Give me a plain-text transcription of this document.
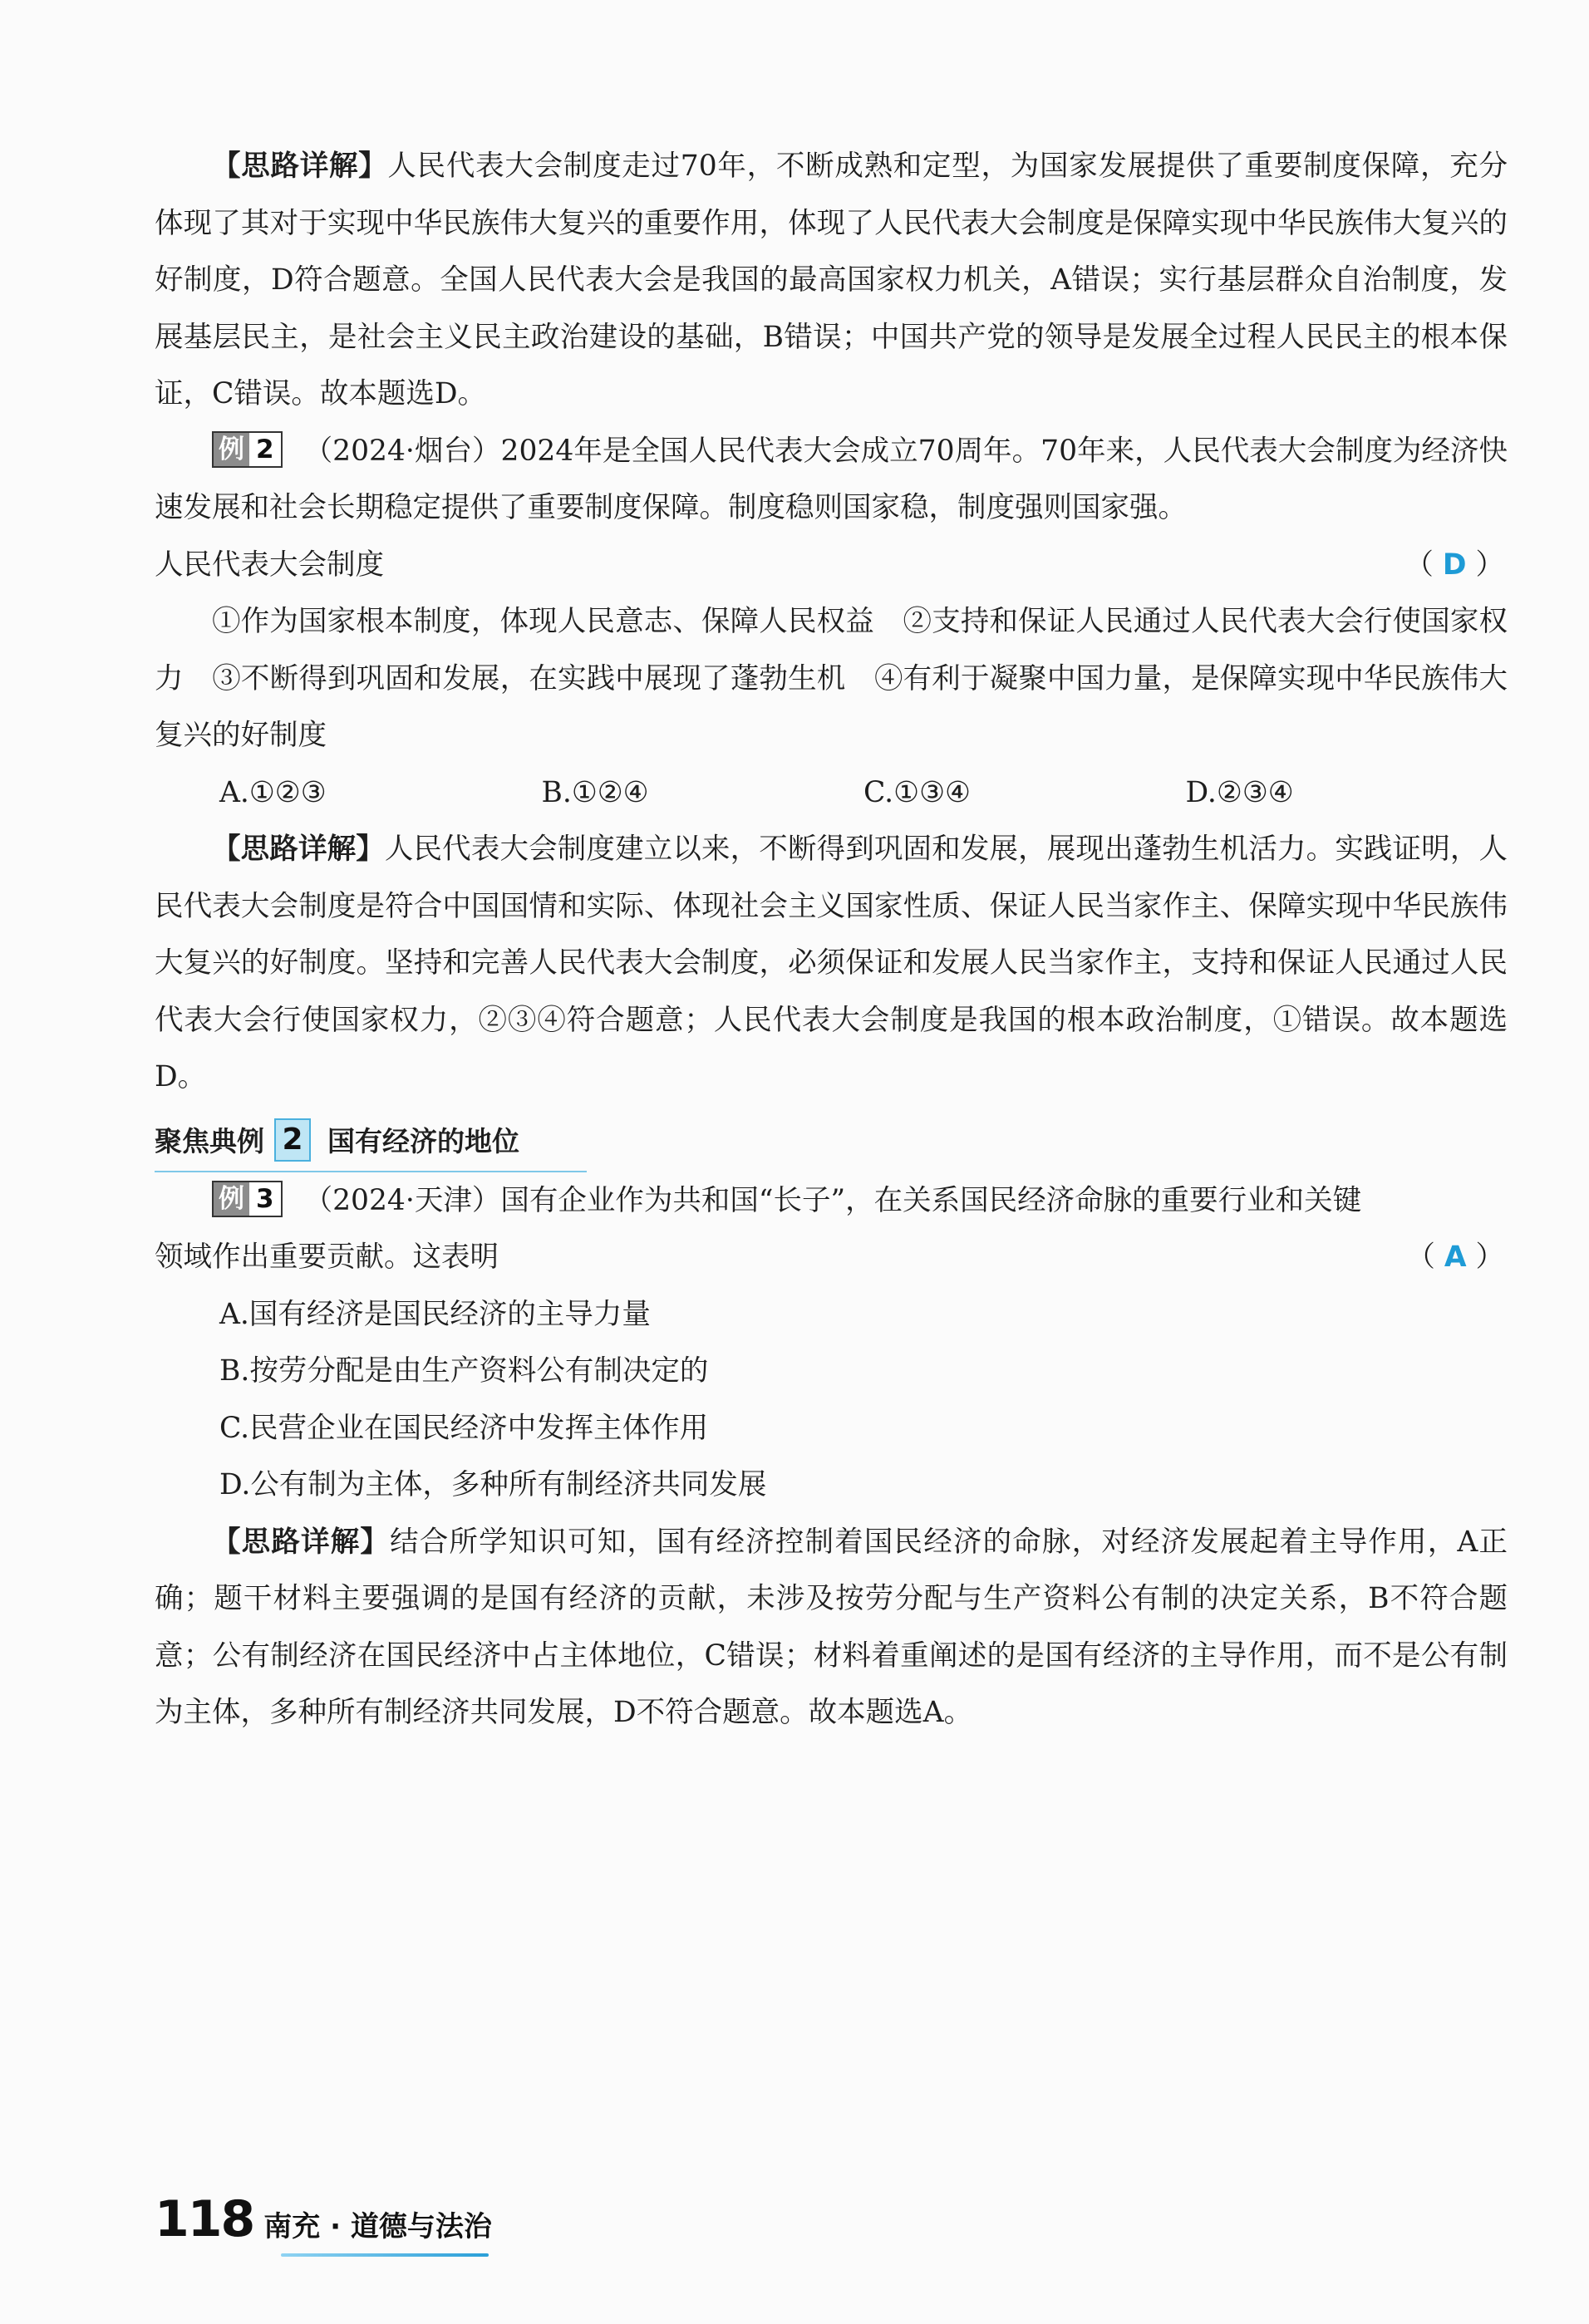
【思路详解】人民代表大会制度走过70年，不断成熟和定型，为国家发展提供了重要制度保障，充分体现了其对于实现中华民族伟大复兴的重要作用，体现了人民代表大会制度是保障实现中华民族伟大复兴的好制度，D符合题意。全国人民代表大会是我国的最高国家权力机关，A错误；实行基层群众自治制度，发展基层民主，是社会主义民主政治建设的基础，B错误；中国共产党的领导是发展全过程人民民主的根本保证，C错误。故本题选D。

例 2 （2024·烟台）2024年是全国人民代表大会成立70周年。70年来，人民代表大会制度为经济快速发展和社会长期稳定提供了重要制度保障。制度稳则国家稳，制度强则国家强。

人民代表大会制度	（ D ）

①作为国家根本制度，体现人民意志、保障人民权益　②支持和保证人民通过人民代表大会行使国家权力　③不断得到巩固和发展，在实践中展现了蓬勃生机　④有利于凝聚中国力量，是保障实现中华民族伟大复兴的好制度

A.①②③	B.①②④	C.①③④	D.②③④

【思路详解】人民代表大会制度建立以来，不断得到巩固和发展，展现出蓬勃生机活力。实践证明，人民代表大会制度是符合中国国情和实际、体现社会主义国家性质、保证人民当家作主、保障实现中华民族伟大复兴的好制度。坚持和完善人民代表大会制度，必须保证和发展人民当家作主，支持和保证人民通过人民代表大会行使国家权力，②③④符合题意；人民代表大会制度是我国的根本政治制度，①错误。故本题选D。

聚焦典例 2 国有经济的地位

例 3 （2024·天津）国有企业作为共和国“长子”，在关系国民经济命脉的重要行业和关键

领域作出重要贡献。这表明	（ A ）

A.国有经济是国民经济的主导力量

B.按劳分配是由生产资料公有制决定的

C.民营企业在国民经济中发挥主体作用

D.公有制为主体，多种所有制经济共同发展

【思路详解】结合所学知识可知，国有经济控制着国民经济的命脉，对经济发展起着主导作用，A正确；题干材料主要强调的是国有经济的贡献，未涉及按劳分配与生产资料公有制的决定关系，B不符合题意；公有制经济在国民经济中占主体地位，C错误；材料着重阐述的是国有经济的主导作用，而不是公有制为主体，多种所有制经济共同发展，D不符合题意。故本题选A。

118 南充 · 道德与法治
